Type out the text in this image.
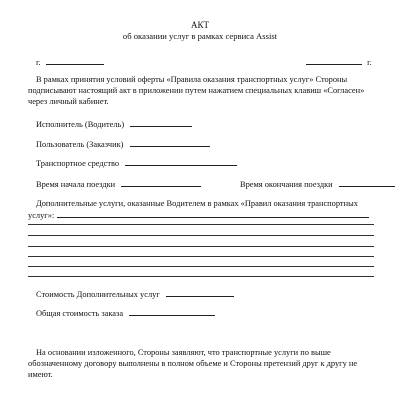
АКТ
об оказании услуг в рамках сервиса Assist
г.	г.
В рамках принятия условий оферты «Правила оказания транспортных услуг» Стороны
подписывают настоящий акт в приложении путем нажатием специальных клавиш «Согласен»
через личный кабинет.
Исполнитель (Водитель)
Пользователь (Заказчик)
Транспортное средство
Время начала поездки	Время окончания поездки
Дополнительные услуги, оказанные Водителем в рамках «Правил оказания транспортных
услуг»:
Стоимость Дополнительных услуг
Общая стоимость заказа
На основании изложенного, Стороны заявляют, что транспортные услуги по выше
обозначенному договору выполнены в полном объеме и Стороны претензий друг к другу не
имеют.
